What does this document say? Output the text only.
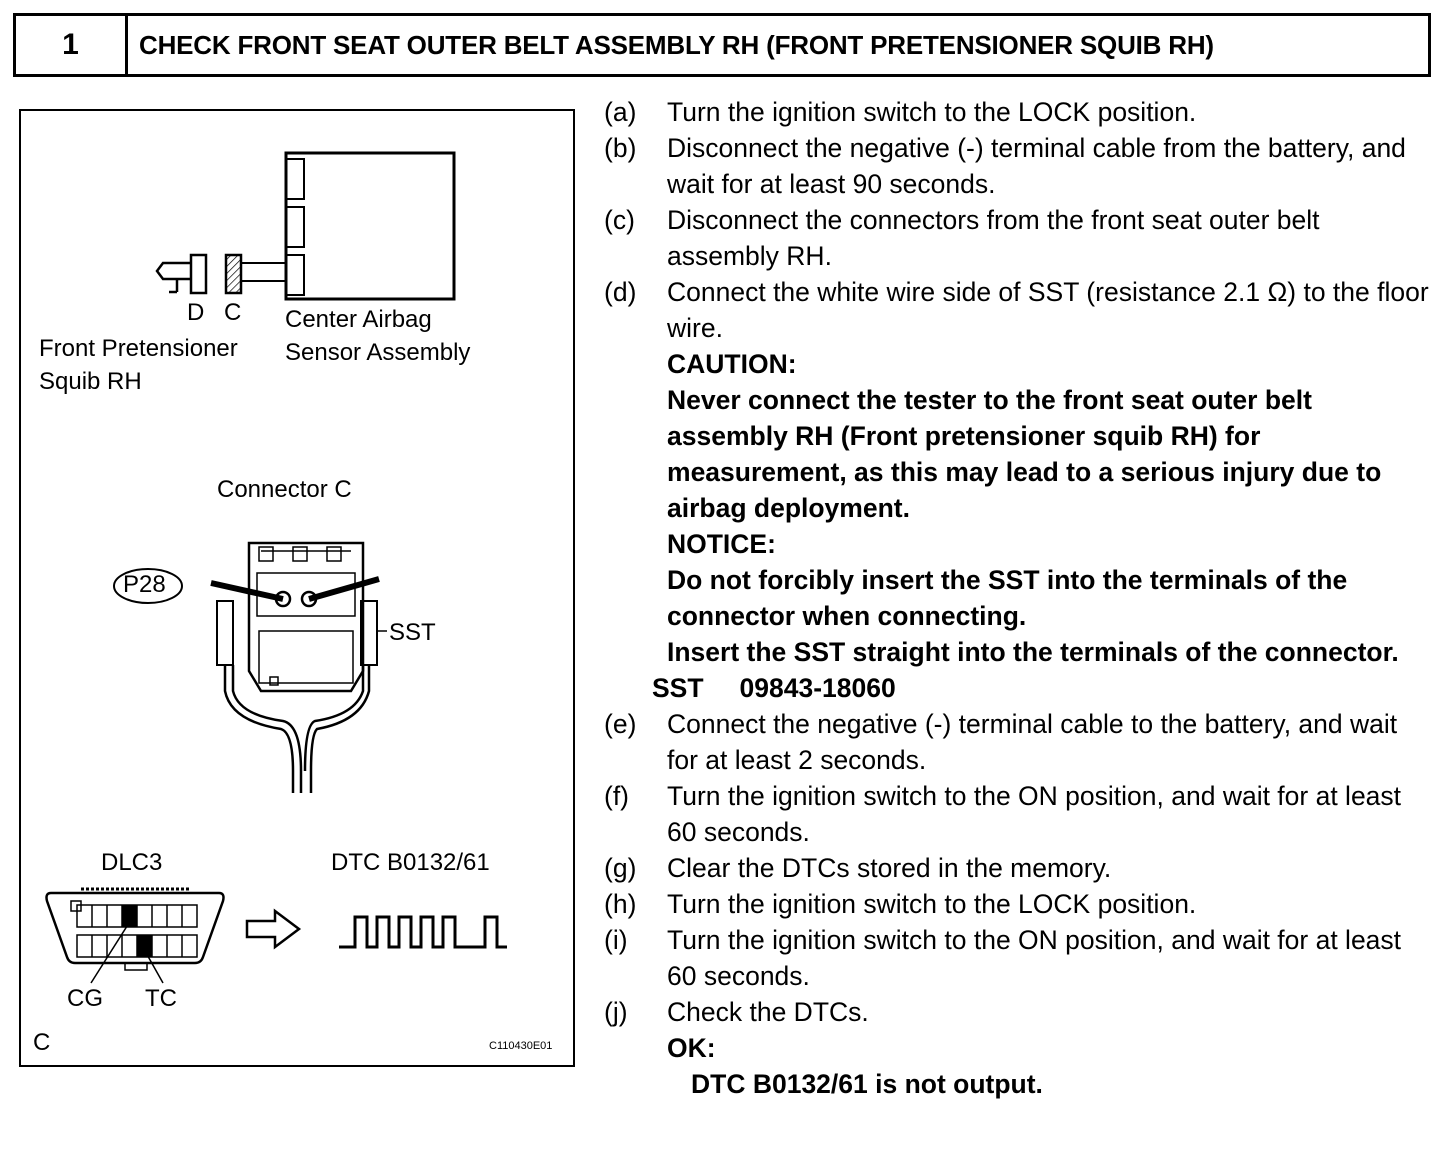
1	CHECK FRONT SEAT OUTER BELT ASSEMBLY RH (FRONT PRETENSIONER SQUIB RH)
D C Center Airbag
Sensor Assembly
Front Pretensioner
Squib RH
Connector C
P28
SST
DLC3	DTC B0132/61
CG TC
C	C110430E01
(a)	Turn the ignition switch to the LOCK position.
(b)	Disconnect the negative (-) terminal cable from the battery, and wait for at least 90 seconds.
(c)	Disconnect the connectors from the front seat outer belt assembly RH.
(d)	Connect the white wire side of SST (resistance 2.1 Ω) to the floor wire.
CAUTION:
Never connect the tester to the front seat outer belt assembly RH (Front pretensioner squib RH) for measurement, as this may lead to a serious injury due to airbag deployment.
NOTICE:
Do not forcibly insert the SST into the terminals of the connector when connecting.
Insert the SST straight into the terminals of the connector.
SST 09843-18060
(e)	Connect the negative (-) terminal cable to the battery, and wait for at least 2 seconds.
(f)	Turn the ignition switch to the ON position, and wait for at least 60 seconds.
(g)	Clear the DTCs stored in the memory.
(h)	Turn the ignition switch to the LOCK position.
(i)	Turn the ignition switch to the ON position, and wait for at least 60 seconds.
(j)	Check the DTCs.
OK:
DTC B0132/61 is not output.
